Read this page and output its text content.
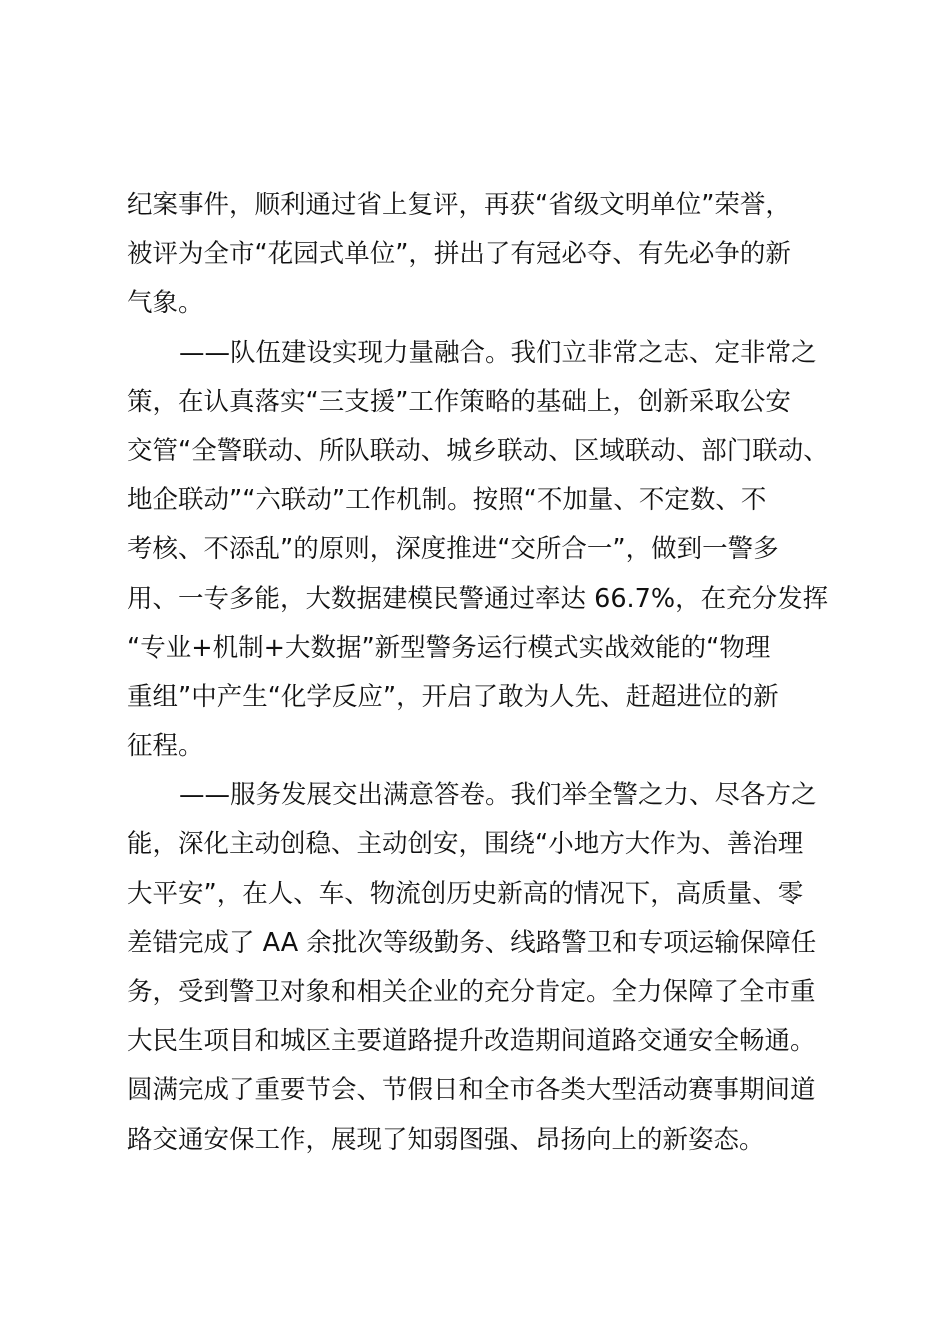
纪案事件，顺利通过省上复评，再获“省级文明单位”荣誉，
被评为全市“花园式单位”，拼出了有冠必夺、有先必争的新
气象。
——队伍建设实现力量融合。我们立非常之志、定非常之
策，在认真落实“三支援”工作策略的基础上，创新采取公安
交管“全警联动、所队联动、城乡联动、区域联动、部门联动、
地企联动”“六联动”工作机制。按照“不加量、不定数、不
考核、不添乱”的原则，深度推进“交所合一”，做到一警多
用、一专多能，大数据建模民警通过率达 66.7%，在充分发挥
“专业+机制+大数据”新型警务运行模式实战效能的“物理
重组”中产生“化学反应”，开启了敢为人先、赶超进位的新
征程。
——服务发展交出满意答卷。我们举全警之力、尽各方之
能，深化主动创稳、主动创安，围绕“小地方大作为、善治理
大平安”，在人、车、物流创历史新高的情况下，高质量、零
差错完成了 AA 余批次等级勤务、线路警卫和专项运输保障任
务，受到警卫对象和相关企业的充分肯定。全力保障了全市重
大民生项目和城区主要道路提升改造期间道路交通安全畅通。
圆满完成了重要节会、节假日和全市各类大型活动赛事期间道
路交通安保工作，展现了知弱图强、昂扬向上的新姿态。
